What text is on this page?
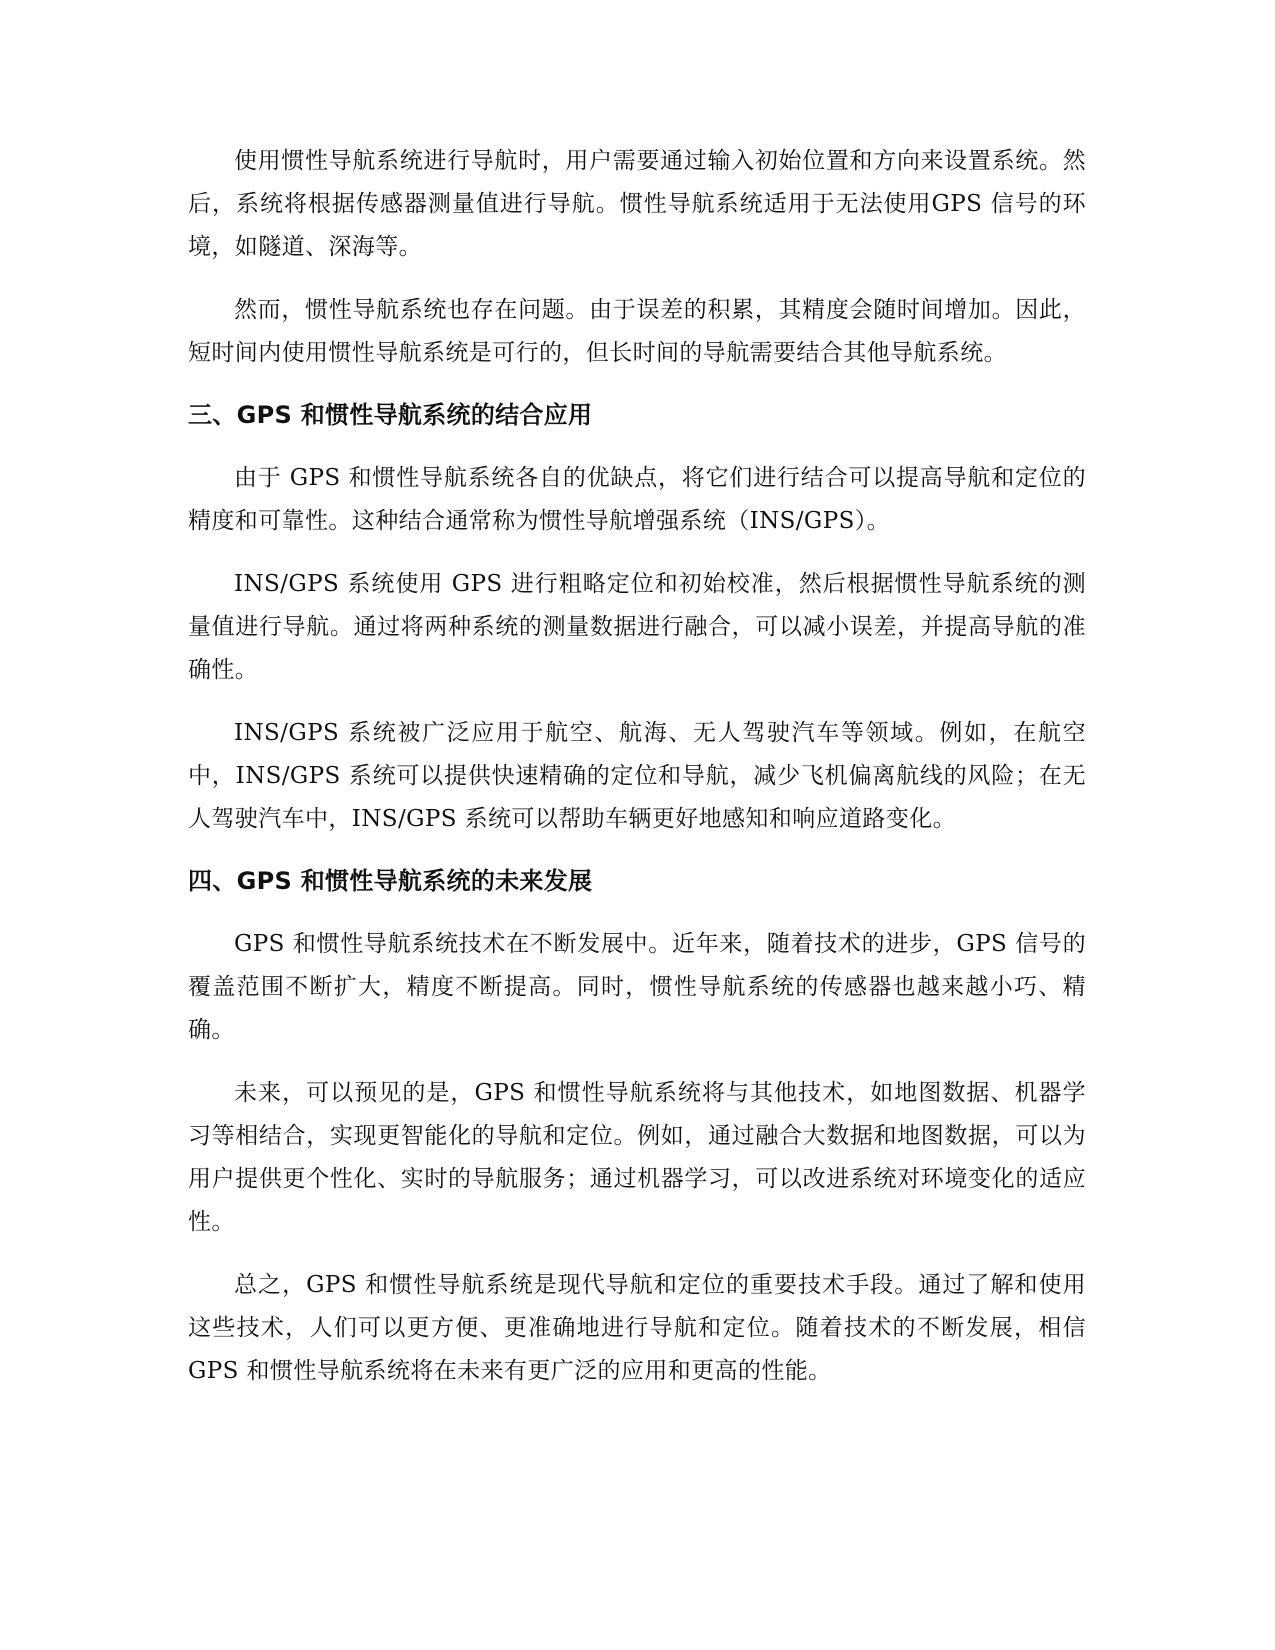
使用惯性导航系统进行导航时，用户需要通过输入初始位置和方向来设置系统。然后，系统将根据传感器测量值进行导航。惯性导航系统适用于无法使用GPS 信号的环境，如隧道、深海等。

然而，惯性导航系统也存在问题。由于误差的积累，其精度会随时间增加。因此，短时间内使用惯性导航系统是可行的，但长时间的导航需要结合其他导航系统。

三、GPS 和惯性导航系统的结合应用

由于 GPS 和惯性导航系统各自的优缺点，将它们进行结合可以提高导航和定位的精度和可靠性。这种结合通常称为惯性导航增强系统（INS/GPS）。

INS/GPS 系统使用 GPS 进行粗略定位和初始校准，然后根据惯性导航系统的测量值进行导航。通过将两种系统的测量数据进行融合，可以减小误差，并提高导航的准确性。

INS/GPS 系统被广泛应用于航空、航海、无人驾驶汽车等领域。例如，在航空中，INS/GPS 系统可以提供快速精确的定位和导航，减少飞机偏离航线的风险；在无人驾驶汽车中，INS/GPS 系统可以帮助车辆更好地感知和响应道路变化。

四、GPS 和惯性导航系统的未来发展

GPS 和惯性导航系统技术在不断发展中。近年来，随着技术的进步，GPS 信号的覆盖范围不断扩大，精度不断提高。同时，惯性导航系统的传感器也越来越小巧、精确。

未来，可以预见的是，GPS 和惯性导航系统将与其他技术，如地图数据、机器学习等相结合，实现更智能化的导航和定位。例如，通过融合大数据和地图数据，可以为用户提供更个性化、实时的导航服务；通过机器学习，可以改进系统对环境变化的适应性。

总之，GPS 和惯性导航系统是现代导航和定位的重要技术手段。通过了解和使用这些技术，人们可以更方便、更准确地进行导航和定位。随着技术的不断发展，相信 GPS 和惯性导航系统将在未来有更广泛的应用和更高的性能。
